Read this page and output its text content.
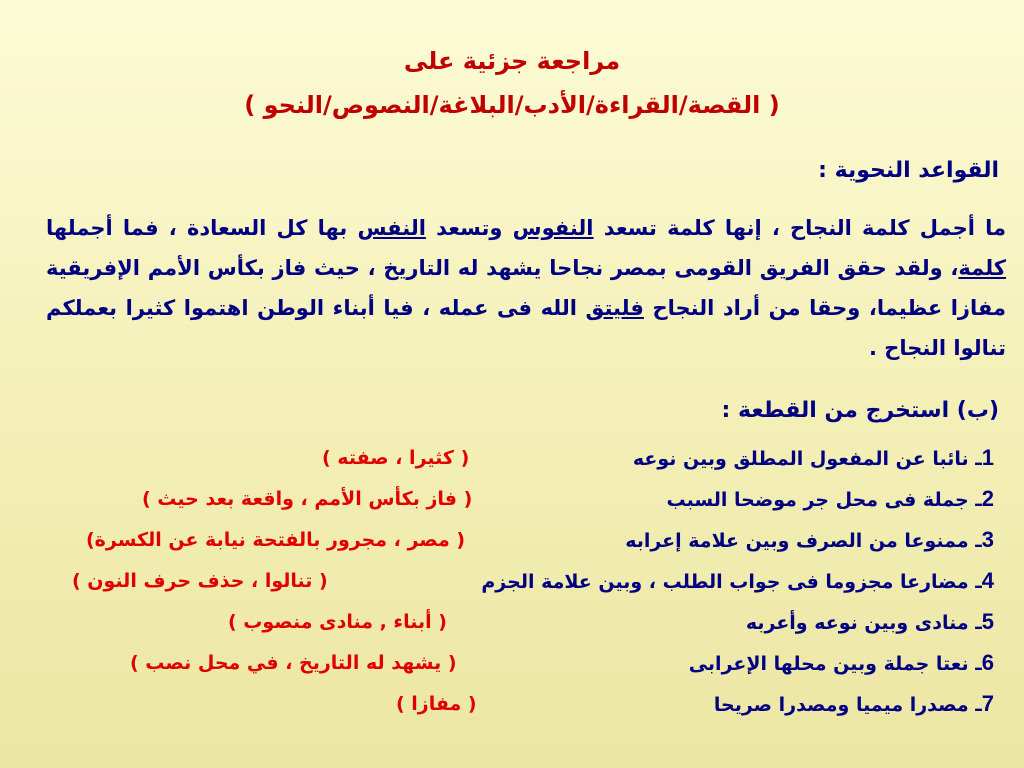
مراجعة جزئية على
( القصة/القراءة/الأدب/البلاغة/النصوص/النحو )
القواعد النحوية :
ما أجمل كلمة النجاح ، إنها كلمة تسعد النفوس وتسعد النفس بها كل السعادة ، فما أجملها كلمة، ولقد حقق الفريق القومى بمصر نجاحا يشهد له التاريخ ، حيث فاز بكأس الأمم الإفريقية مفازا عظيما، وحقا من أراد النجاح فليتق الله فى عمله ، فيا أبناء الوطن اهتموا كثيرا بعملكم تنالوا النجاح .
(ب) استخرج من القطعة :
1ـ نائبا عن المفعول المطلق وبين نوعه
( كثيرا ، صفته )
2ـ جملة فى محل جر موضحا السبب
( فاز بكأس الأمم ، واقعة بعد حيث )
3ـ ممنوعا من الصرف وبين علامة إعرابه
( مصر ، مجرور بالفتحة نيابة عن الكسرة)
4ـ مضارعا مجزوما فى جواب الطلب ، وبين علامة الجزم
( تنالوا ، حذف حرف النون )
5ـ منادى وبين نوعه وأعربه
( أبناء , منادى منصوب )
6ـ نعتا جملة وبين محلها الإعرابى
( يشهد له التاريخ ، في محل نصب )
7ـ مصدرا ميميا ومصدرا صريحا
( مفازا )
